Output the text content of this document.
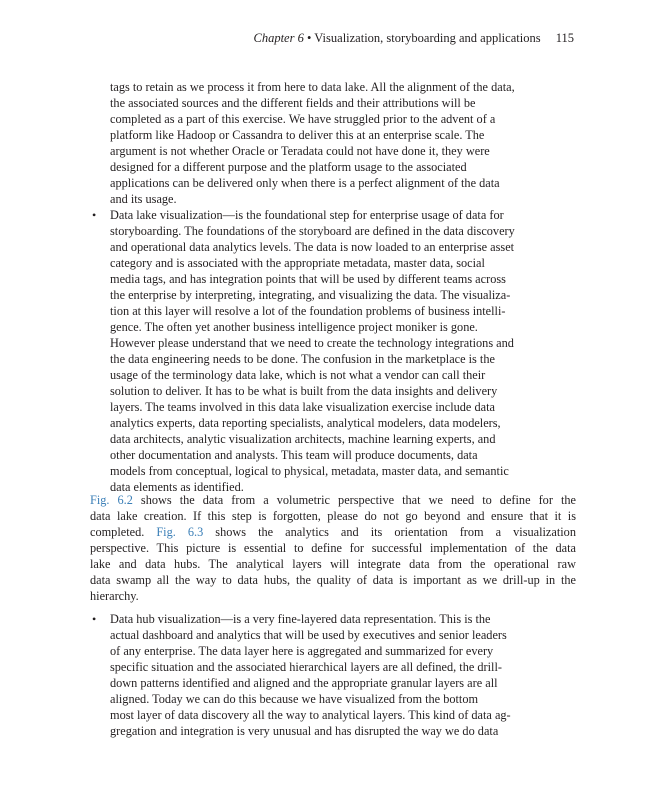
Chapter 6 • Visualization, storyboarding and applications 115
tags to retain as we process it from here to data lake. All the alignment of the data,
the associated sources and the different fields and their attributions will be
completed as a part of this exercise. We have struggled prior to the advent of a
platform like Hadoop or Cassandra to deliver this at an enterprise scale. The
argument is not whether Oracle or Teradata could not have done it, they were
designed for a different purpose and the platform usage to the associated
applications can be delivered only when there is a perfect alignment of the data
and its usage.
• Data lake visualization—is the foundational step for enterprise usage of data for
storyboarding. The foundations of the storyboard are defined in the data discovery
and operational data analytics levels. The data is now loaded to an enterprise asset
category and is associated with the appropriate metadata, master data, social
media tags, and has integration points that will be used by different teams across
the enterprise by interpreting, integrating, and visualizing the data. The visualiza-
tion at this layer will resolve a lot of the foundation problems of business intelli-
gence. The often yet another business intelligence project moniker is gone.
However please understand that we need to create the technology integrations and
the data engineering needs to be done. The confusion in the marketplace is the
usage of the terminology data lake, which is not what a vendor can call their
solution to deliver. It has to be what is built from the data insights and delivery
layers. The teams involved in this data lake visualization exercise include data
analytics experts, data reporting specialists, analytical modelers, data modelers,
data architects, analytic visualization architects, machine learning experts, and
other documentation and analysts. This team will produce documents, data
models from conceptual, logical to physical, metadata, master data, and semantic
data elements as identified.
Fig. 6.2 shows the data from a volumetric perspective that we need to define for the
data lake creation. If this step is forgotten, please do not go beyond and ensure that it is
completed. Fig. 6.3 shows the analytics and its orientation from a visualization
perspective. This picture is essential to define for successful implementation of the data
lake and data hubs. The analytical layers will integrate data from the operational raw
data swamp all the way to data hubs, the quality of data is important as we drill-up in the
hierarchy.
• Data hub visualization—is a very fine-layered data representation. This is the
actual dashboard and analytics that will be used by executives and senior leaders
of any enterprise. The data layer here is aggregated and summarized for every
specific situation and the associated hierarchical layers are all defined, the drill-
down patterns identified and aligned and the appropriate granular layers are all
aligned. Today we can do this because we have visualized from the bottom
most layer of data discovery all the way to analytical layers. This kind of data ag-
gregation and integration is very unusual and has disrupted the way we do data
